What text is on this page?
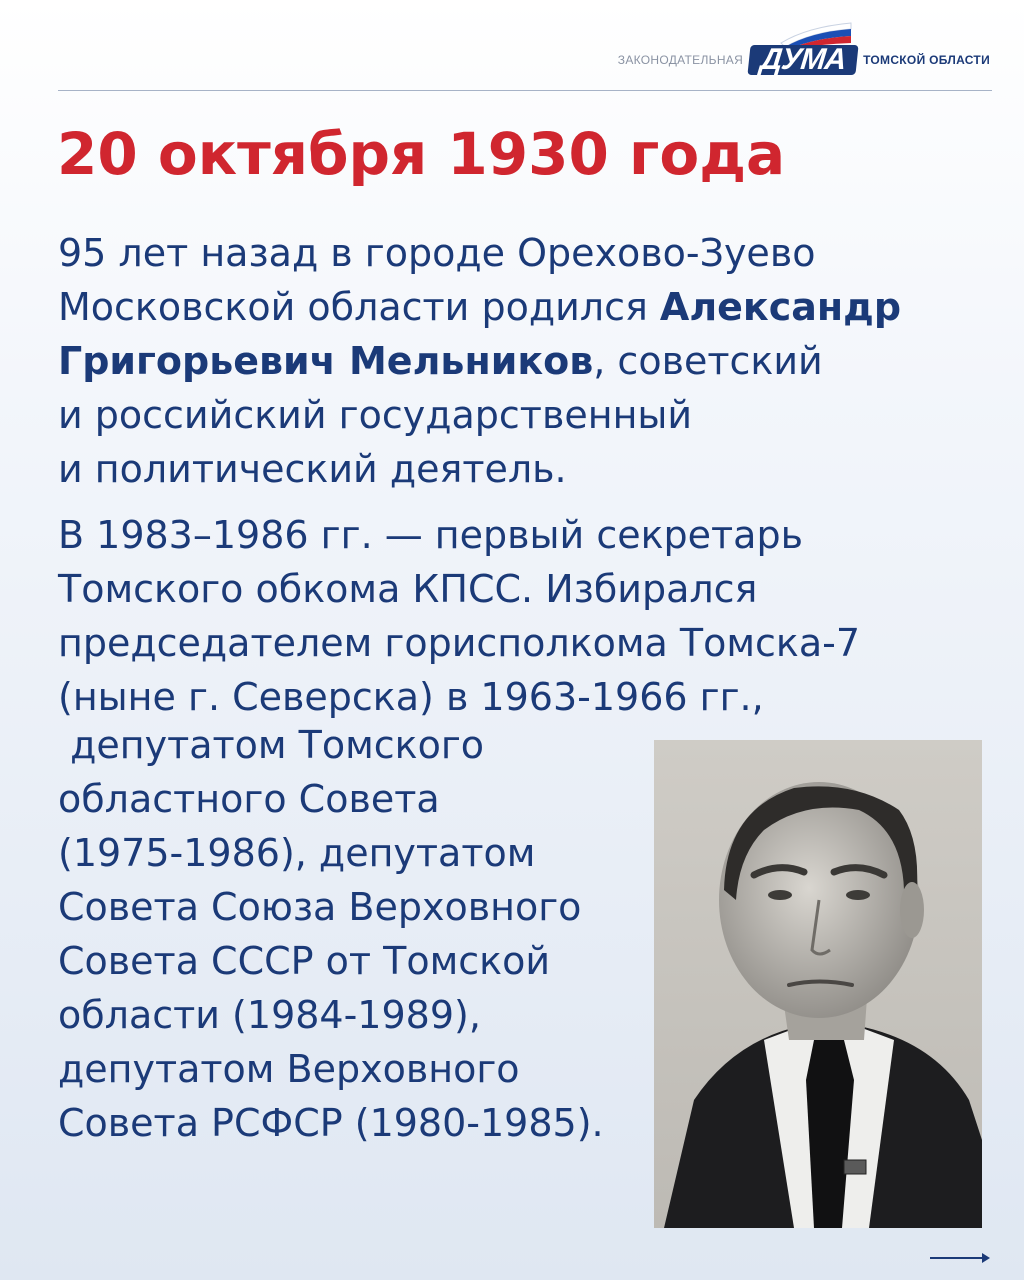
ЗАКОНОДАТЕЛЬНАЯ ДУМА	ТОМСКОЙ ОБЛАСТИ
20 октября 1930 года
95 лет назад в городе Орехово-Зуево
Московской области родился Александр
Григорьевич Мельников, советский
и российский государственный
и политический деятель.
В 1983–1986 гг. — первый секретарь
Томского обкома КПСС. Избирался
председателем горисполкома Томска-7
(ныне г. Северска) в 1963-1966 гг.,
депутатом Томского
областного Совета
(1975-1986), депутатом
Совета Союза Верховного
Совета СССР от Томской
области (1984-1989),
депутатом Верховного
Совета РСФСР (1980-1985).
